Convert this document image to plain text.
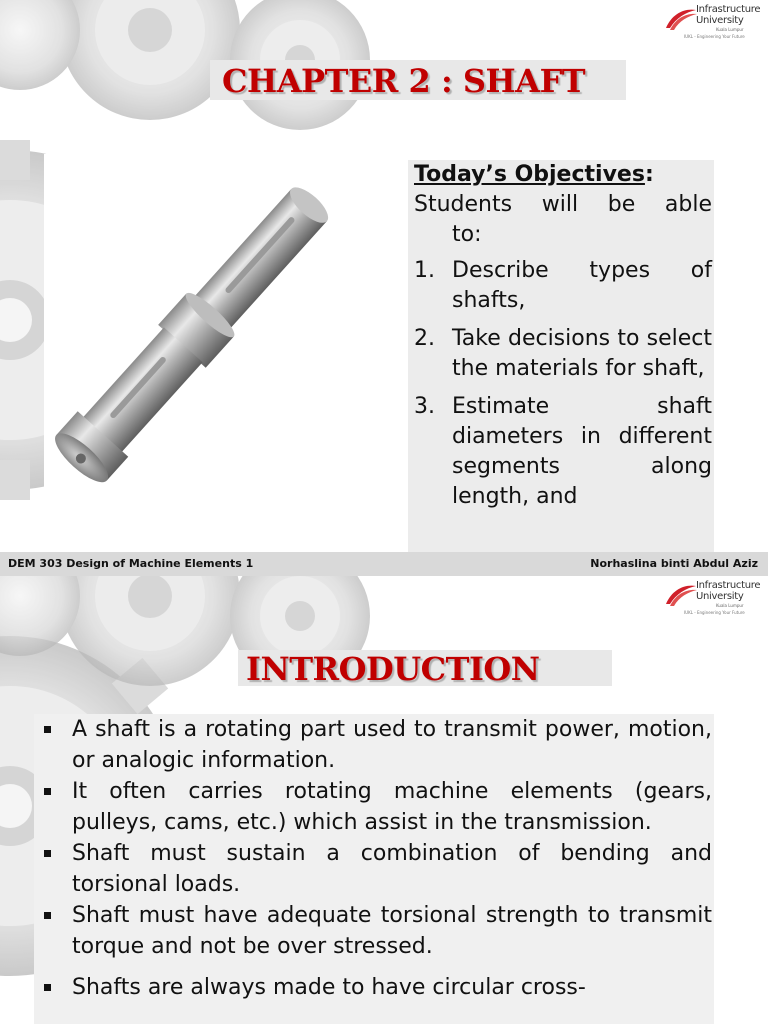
Infrastructure
University
Kuala Lumpur
IUKL - Engineering Your Future
CHAPTER 2 : SHAFT
Today’s Objectives:
Students will be able
to:
1. Describe types of shafts,
2. Take decisions to select the materials for shaft,
3. Estimate shaft diameters in different segments along length, and
DEM 303 Design of Machine Elements 1	Norhaslina binti Abdul Aziz
Infrastructure
University
Kuala Lumpur
IUKL - Engineering Your Future
INTRODUCTION
A shaft is a rotating part used to transmit power, motion, or analogic information.
It often carries rotating machine elements (gears, pulleys, cams, etc.) which assist in the transmission.
Shaft must sustain a combination of bending and torsional loads.
Shaft must have adequate torsional strength to transmit torque and not be over stressed.
Shafts are always made to have circular cross-
